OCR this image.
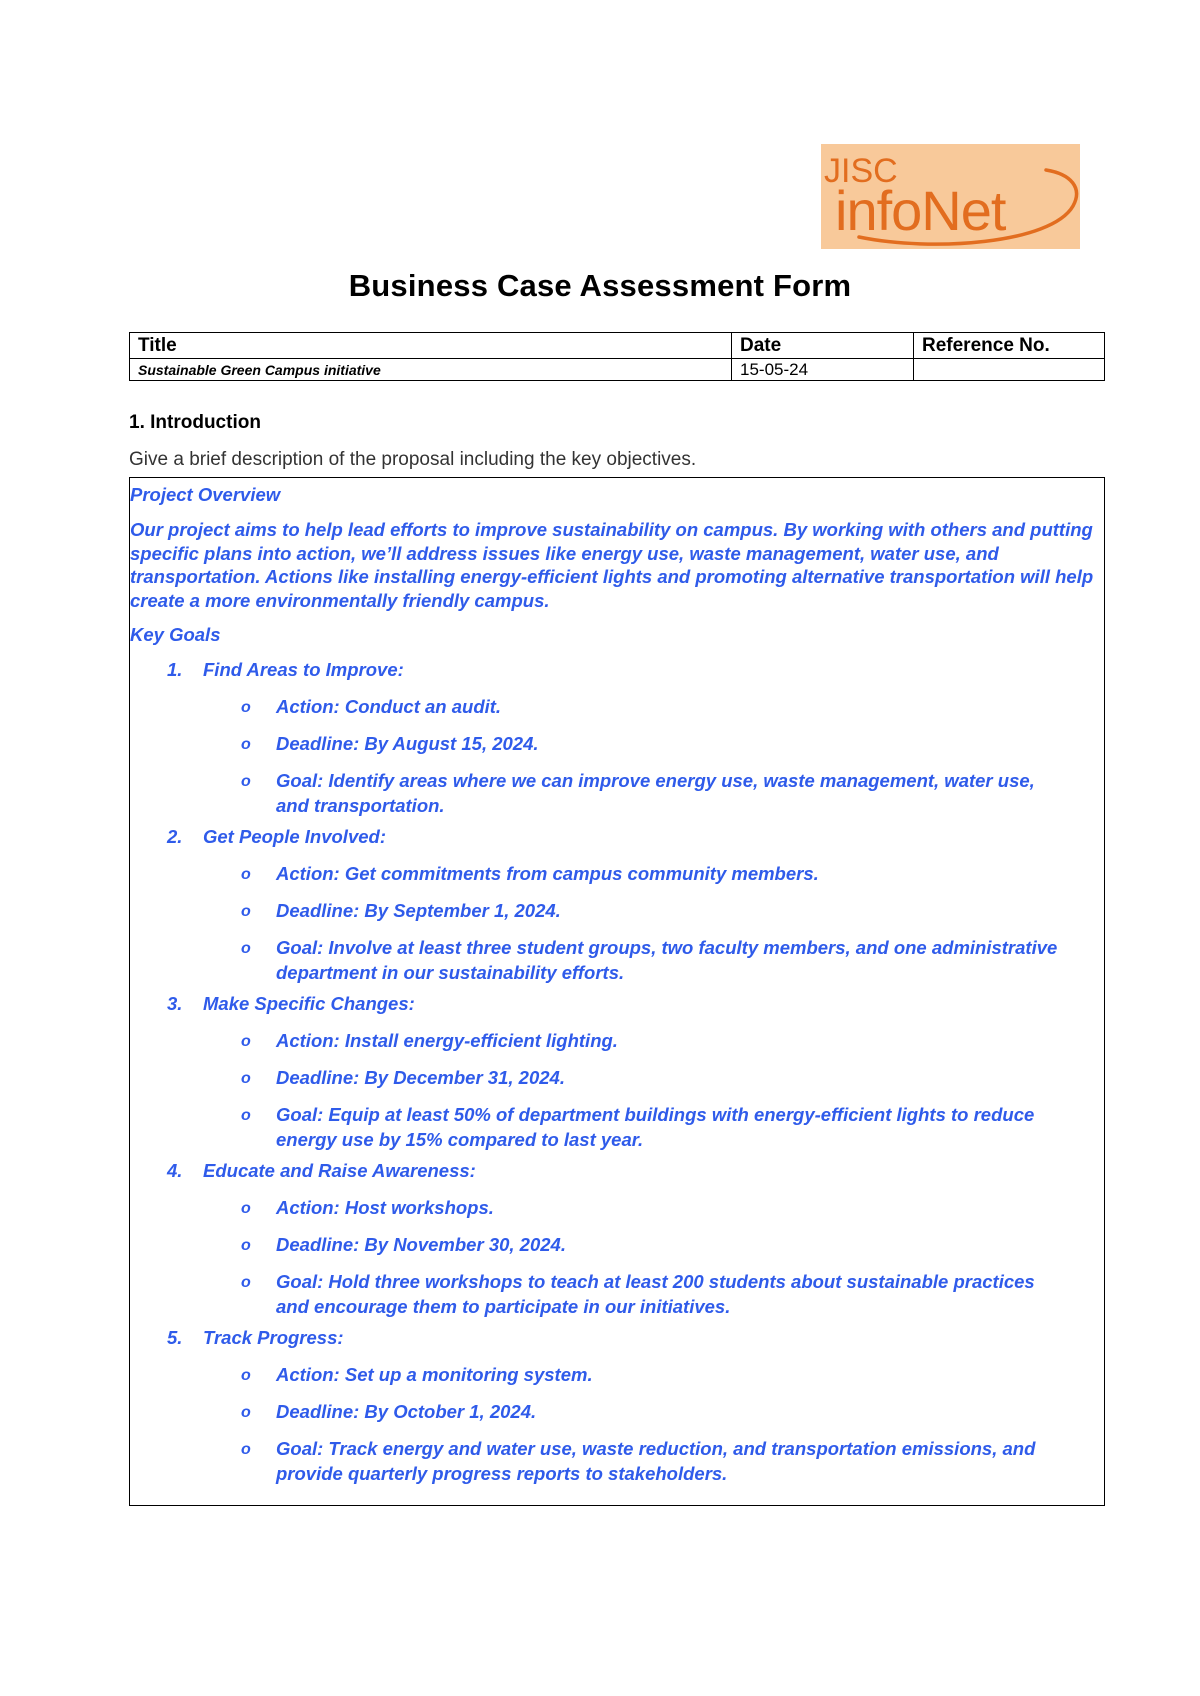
JISC
infoNet
Business Case Assessment Form
Title	Date	Reference No.
Sustainable Green Campus initiative	15-05-24	
1. Introduction
Give a brief description of the proposal including the key objectives.
Project Overview
Our project aims to help lead efforts to improve sustainability on campus. By working with others and putting specific plans into action, we’ll address issues like energy use, waste management, water use, and transportation. Actions like installing energy-efficient lights and promoting alternative transportation will help create a more environmentally friendly campus.
Key Goals
1. Find Areas to Improve:
o Action: Conduct an audit.
o Deadline: By August 15, 2024.
o Goal: Identify areas where we can improve energy use, waste management, water use, and transportation.
2. Get People Involved:
o Action: Get commitments from campus community members.
o Deadline: By September 1, 2024.
o Goal: Involve at least three student groups, two faculty members, and one administrative department in our sustainability efforts.
3. Make Specific Changes:
o Action: Install energy-efficient lighting.
o Deadline: By December 31, 2024.
o Goal: Equip at least 50% of department buildings with energy-efficient lights to reduce energy use by 15% compared to last year.
4. Educate and Raise Awareness:
o Action: Host workshops.
o Deadline: By November 30, 2024.
o Goal: Hold three workshops to teach at least 200 students about sustainable practices and encourage them to participate in our initiatives.
5. Track Progress:
o Action: Set up a monitoring system.
o Deadline: By October 1, 2024.
o Goal: Track energy and water use, waste reduction, and transportation emissions, and provide quarterly progress reports to stakeholders.
